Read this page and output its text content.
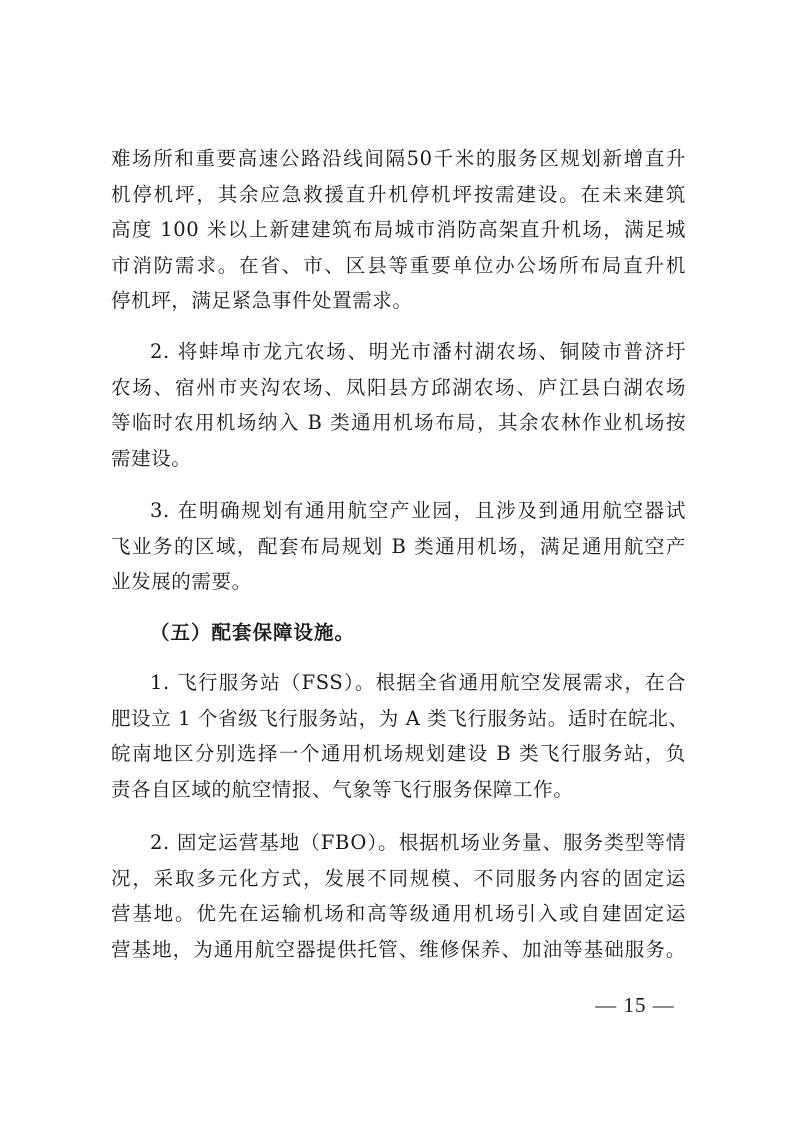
难场所和重要高速公路沿线间隔50千米的服务区规划新增直升
机停机坪，其余应急救援直升机停机坪按需建设。在未来建筑
高度 100 米以上新建建筑布局城市消防高架直升机场，满足城
市消防需求。在省、市、区县等重要单位办公场所布局直升机
停机坪，满足紧急事件处置需求。
2. 将蚌埠市龙亢农场、明光市潘村湖农场、铜陵市普济圩
农场、宿州市夹沟农场、凤阳县方邱湖农场、庐江县白湖农场
等临时农用机场纳入 B 类通用机场布局，其余农林作业机场按
需建设。
3. 在明确规划有通用航空产业园，且涉及到通用航空器试
飞业务的区域，配套布局规划 B 类通用机场，满足通用航空产
业发展的需要。
（五）配套保障设施。
1. 飞行服务站（FSS）。根据全省通用航空发展需求，在合
肥设立 1 个省级飞行服务站，为 A 类飞行服务站。适时在皖北、
皖南地区分别选择一个通用机场规划建设 B 类飞行服务站，负
责各自区域的航空情报、气象等飞行服务保障工作。
2. 固定运营基地（FBO）。根据机场业务量、服务类型等情
况，采取多元化方式，发展不同规模、不同服务内容的固定运
营基地。优先在运输机场和高等级通用机场引入或自建固定运
营基地，为通用航空器提供托管、维修保养、加油等基础服务。
— 15 —
